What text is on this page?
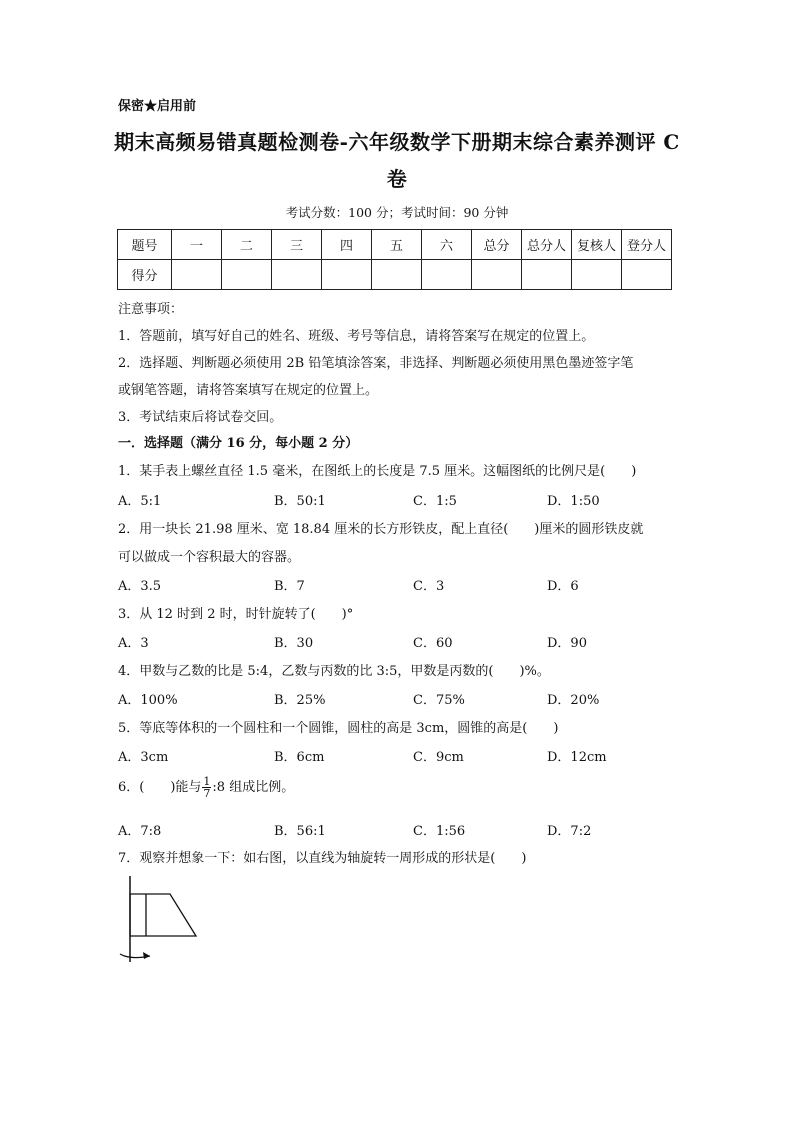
保密★启用前
期末高频易错真题检测卷-六年级数学下册期末综合素养测评 C
卷
考试分数：100 分；考试时间：90 分钟
题号	一	二	三	四	五	六	总分	总分人	复核人	登分人
得分										
注意事项：
1．答题前，填写好自己的姓名、班级、考号等信息，请将答案写在规定的位置上。
2．选择题、判断题必须使用 2B 铅笔填涂答案，非选择、判断题必须使用黑色墨迹签字笔
或钢笔答题，请将答案填写在规定的位置上。
3．考试结束后将试卷交回。
一．选择题（满分 16 分，每小题 2 分）
1．某手表上螺丝直径 1.5 毫米，在图纸上的长度是 7.5 厘米。这幅图纸的比例尺是(　　)
A．5:1	B．50:1	C．1:5	D．1:50
2．用一块长 21.98 厘米、宽 18.84 厘米的长方形铁皮，配上直径(　　)厘米的圆形铁皮就
可以做成一个容积最大的容器。
A．3.5	B．7	C．3	D．6
3．从 12 时到 2 时，时针旋转了(　　)°
A．3	B．30	C．60	D．90
4．甲数与乙数的比是 5:4，乙数与丙数的比 3:5，甲数是丙数的(　　)%。
A．100%	B．25%	C．75%	D．20%
5．等底等体积的一个圆柱和一个圆锥，圆柱的高是 3cm，圆锥的高是(　　)
A．3cm	B．6cm	C．9cm	D．12cm
6．(　　)能与 $\frac{1}{7}$ :8 组成比例。
A．7:8	B．56:1	C．1:56	D．7:2
7．观察并想象一下：如右图，以直线为轴旋转一周形成的形状是(　　)
